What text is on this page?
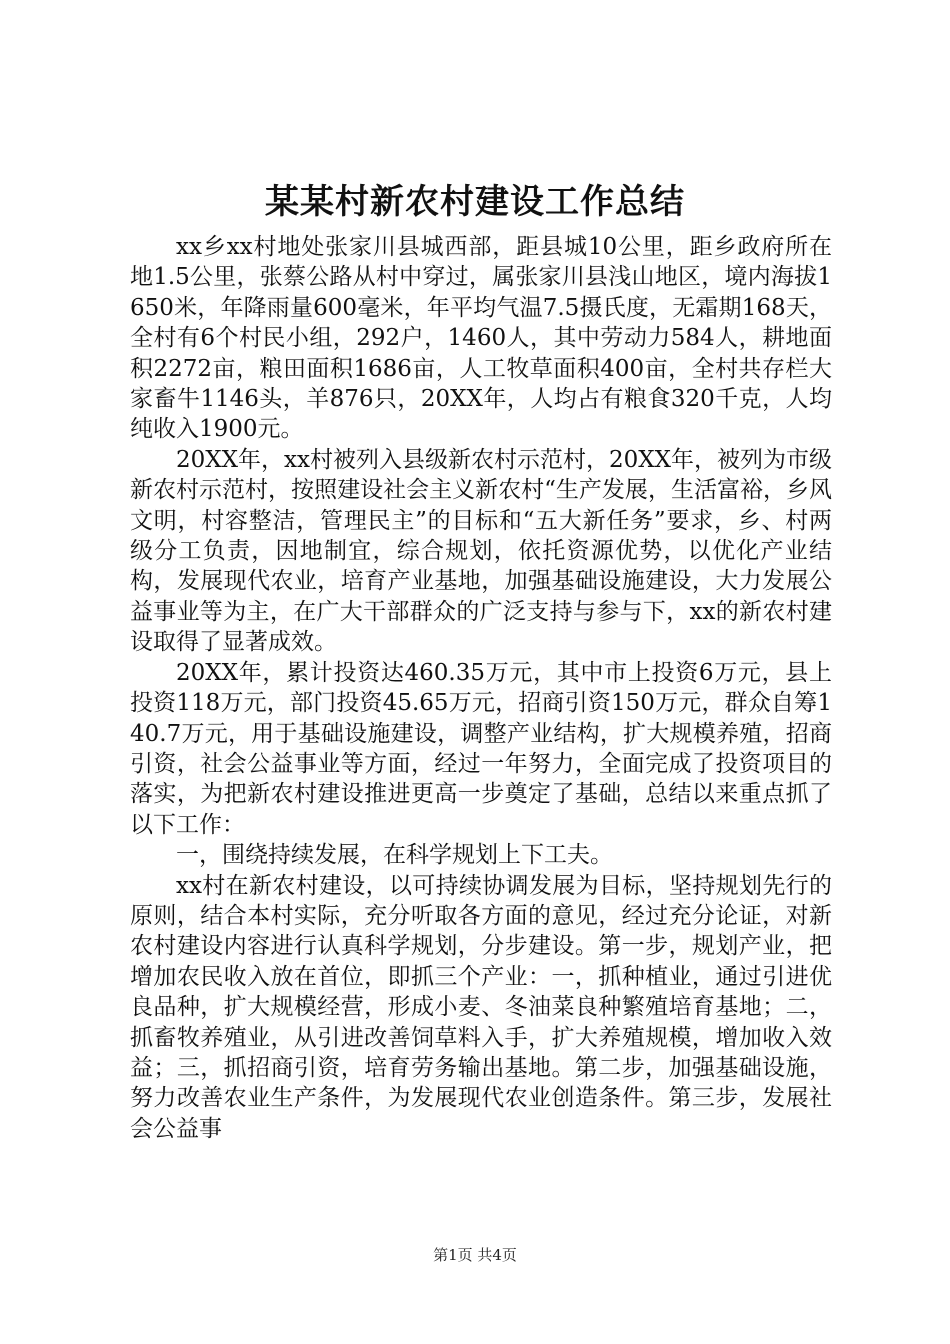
某某村新农村建设工作总结

xx乡xx村地处张家川县城西部，距县城10公里，距乡政府所在地1.5公里，张蔡公路从村中穿过，属张家川县浅山地区，境内海拔1650米，年降雨量600毫米，年平均气温7.5摄氏度，无霜期168天，全村有6个村民小组，292户，1460人，其中劳动力584人，耕地面积2272亩，粮田面积1686亩，人工牧草面积400亩，全村共存栏大家畜牛1146头，羊876只，20XX年，人均占有粮食320千克，人均纯收入1900元。

20XX年，xx村被列入县级新农村示范村，20XX年，被列为市级新农村示范村，按照建设社会主义新农村“生产发展，生活富裕，乡风文明，村容整洁，管理民主”的目标和“五大新任务”要求，乡、村两级分工负责，因地制宜，综合规划，依托资源优势，以优化产业结构，发展现代农业，培育产业基地，加强基础设施建设，大力发展公益事业等为主，在广大干部群众的广泛支持与参与下，xx的新农村建设取得了显著成效。

20XX年，累计投资达460.35万元，其中市上投资6万元，县上投资118万元，部门投资45.65万元，招商引资150万元，群众自筹140.7万元，用于基础设施建设，调整产业结构，扩大规模养殖，招商引资，社会公益事业等方面，经过一年努力，全面完成了投资项目的落实，为把新农村建设推进更高一步奠定了基础，总结以来重点抓了以下工作：

一，围绕持续发展，在科学规划上下工夫。

xx村在新农村建设，以可持续协调发展为目标，坚持规划先行的原则，结合本村实际，充分听取各方面的意见，经过充分论证，对新农村建设内容进行认真科学规划，分步建设。第一步，规划产业，把增加农民收入放在首位，即抓三个产业：一，抓种植业，通过引进优良品种，扩大规模经营，形成小麦、冬油菜良种繁殖培育基地；二，抓畜牧养殖业，从引进改善饲草料入手，扩大养殖规模，增加收入效益；三，抓招商引资，培育劳务输出基地。第二步，加强基础设施，努力改善农业生产条件，为发展现代农业创造条件。第三步，发展社会公益事

第1页 共4页
